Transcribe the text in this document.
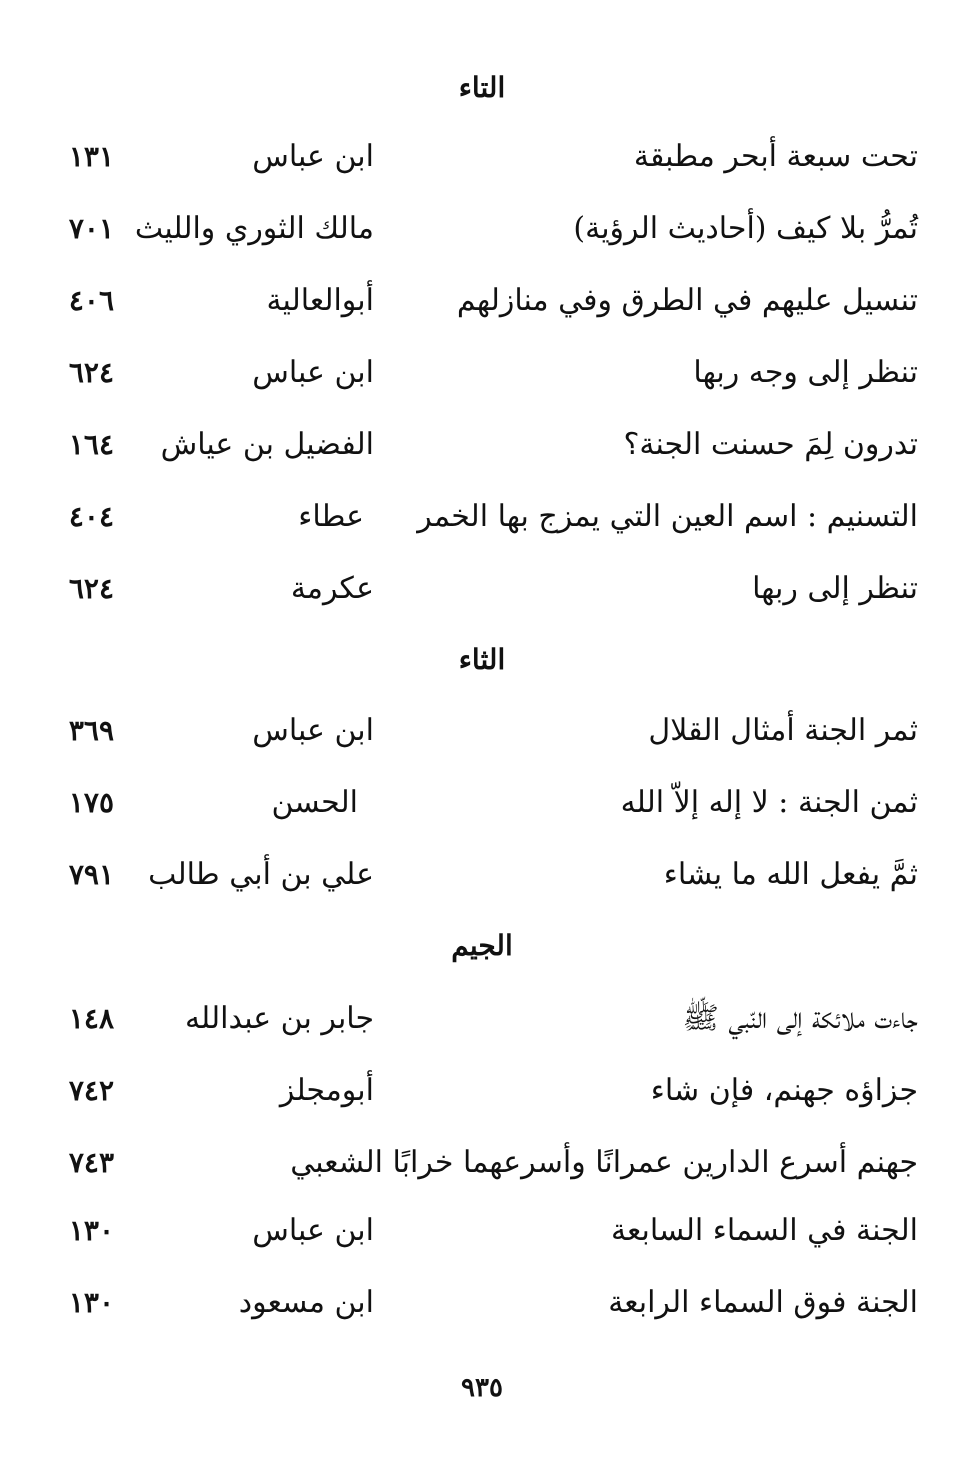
التاء
تحت سبعة أبحر مطبقة
ابن عباس
١٣١
تُمرُّ بلا كيف (أحاديث الرؤية)
مالك الثوري والليث
٧٠١
تنسيل عليهم في الطرق وفي منازلهم
أبوالعالية
٤٠٦
تنظر إلى وجه ربها
ابن عباس
٦٢٤
تدرون لِمَ حسنت الجنة؟
الفضيل بن عياش
١٦٤
التسنيم : اسم العين التي يمزج بها الخمر
عطاء
٤٠٤
تنظر إلى ربها
عكرمة
٦٢٤
الثاء
ثمر الجنة أمثال القلال
ابن عباس
٣٦٩
ثمن الجنة : لا إله إلاّ الله
الحسن
١٧٥
ثمَّ يفعل الله ما يشاء
علي بن أبي طالب
٧٩١
الجيم
جاءت ملائكة إلى النّبي ﷺ
جابر بن عبدالله
١٤٨
جزاؤه جهنم، فإن شاء
أبومجلز
٧٤٢
جهنم أسرع الدارين عمرانًا وأسرعهما خرابًا الشعبي
٧٤٣
الجنة في السماء السابعة
ابن عباس
١٣٠
الجنة فوق السماء الرابعة
ابن مسعود
١٣٠
٩٣٥
